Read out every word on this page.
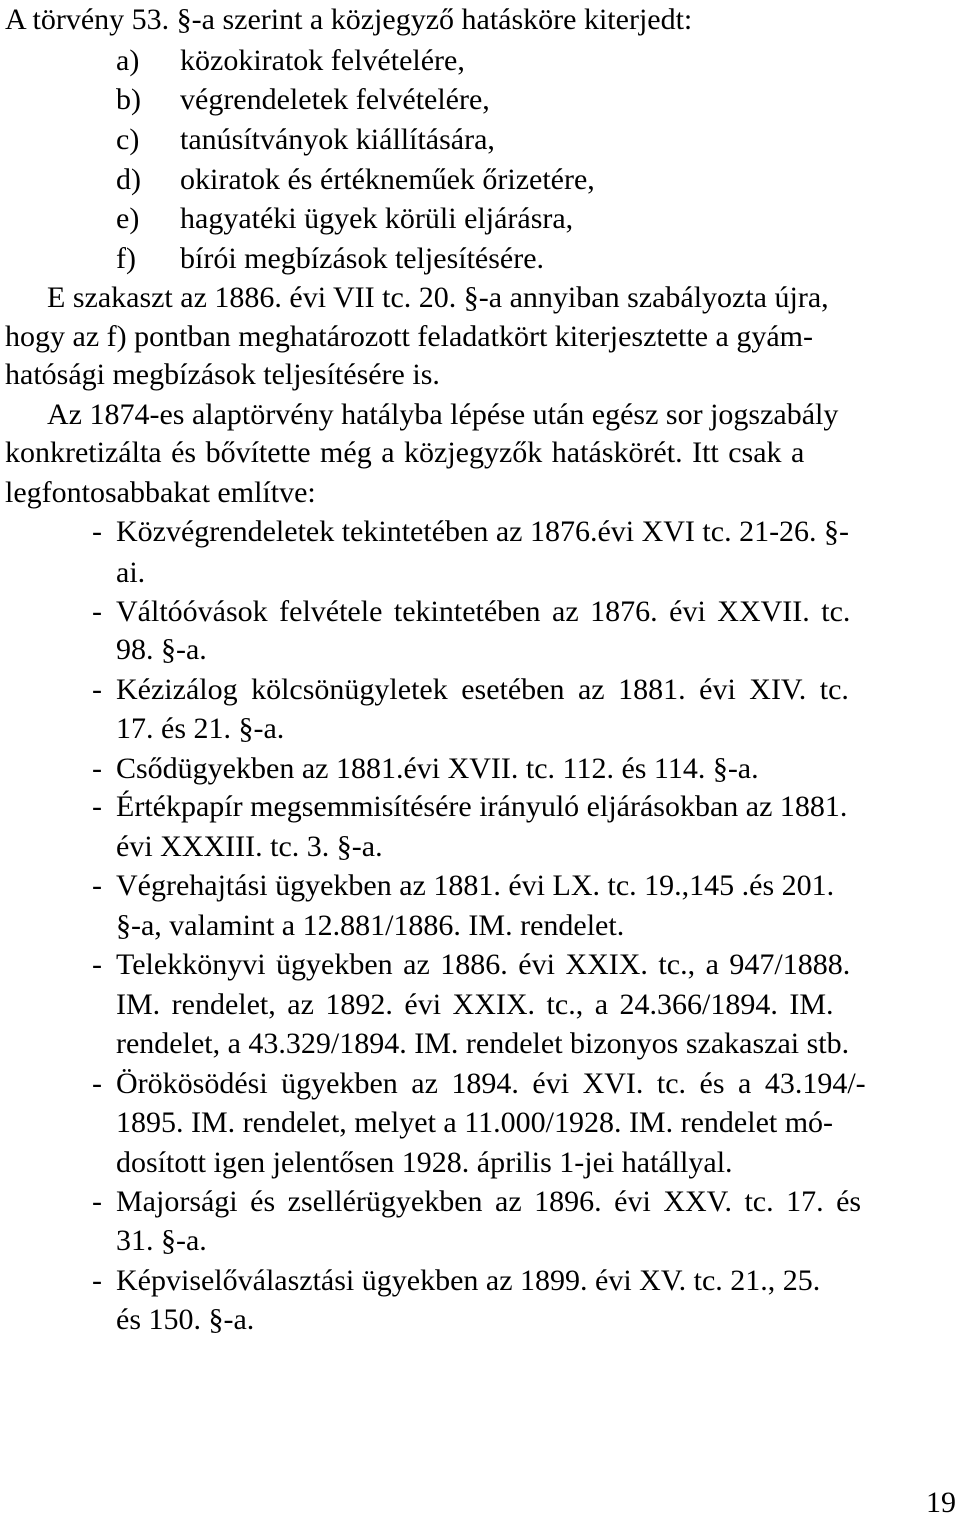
A törvény 53. §-a szerint a közjegyző hatásköre kiterjedt:
a) közokiratok felvételére,
b) végrendeletek felvételére,
c) tanúsítványok kiállítására,
d) okiratok és értékneműek őrizetére,
e) hagyatéki ügyek körüli eljárásra,
f) bírói megbízások teljesítésére.
E szakaszt az 1886. évi VII tc. 20. §-a annyiban szabályozta újra,
hogy az f) pontban meghatározott feladatkört kiterjesztette a gyám-
hatósági megbízások teljesítésére is.
Az 1874-es alaptörvény hatályba lépése után egész sor jogszabály
konkretizálta és bővítette még a közjegyzők hatáskörét. Itt csak a
legfontosabbakat említve:
- Közvégrendeletek tekintetében az 1876.évi XVI tc. 21-26. §-
ai.
- Váltóóvások felvétele tekintetében az 1876. évi XXVII. tc.
98. §-a.
- Kézizálog kölcsönügyletek esetében az 1881. évi XIV. tc.
17. és 21. §-a.
- Csődügyekben az 1881.évi XVII. tc. 112. és 114. §-a.
- Értékpapír megsemmisítésére irányuló eljárásokban az 1881.
évi XXXIII. tc. 3. §-a.
- Végrehajtási ügyekben az 1881. évi LX. tc. 19.,145 .és 201.
§-a, valamint a 12.881/1886. IM. rendelet.
- Telekkönyvi ügyekben az 1886. évi XXIX. tc., a 947/1888.
IM. rendelet, az 1892. évi XXIX. tc., a 24.366/1894. IM.
rendelet, a 43.329/1894. IM. rendelet bizonyos szakaszai stb.
- Örökösödési ügyekben az 1894. évi XVI. tc. és a 43.194/-
1895. IM. rendelet, melyet a 11.000/1928. IM. rendelet mó-
dosított igen jelentősen 1928. április 1-jei hatállyal.
- Majorsági és zsellérügyekben az 1896. évi XXV. tc. 17. és
31. §-a.
- Képviselőválasztási ügyekben az 1899. évi XV. tc. 21., 25.
és 150. §-a.
19
